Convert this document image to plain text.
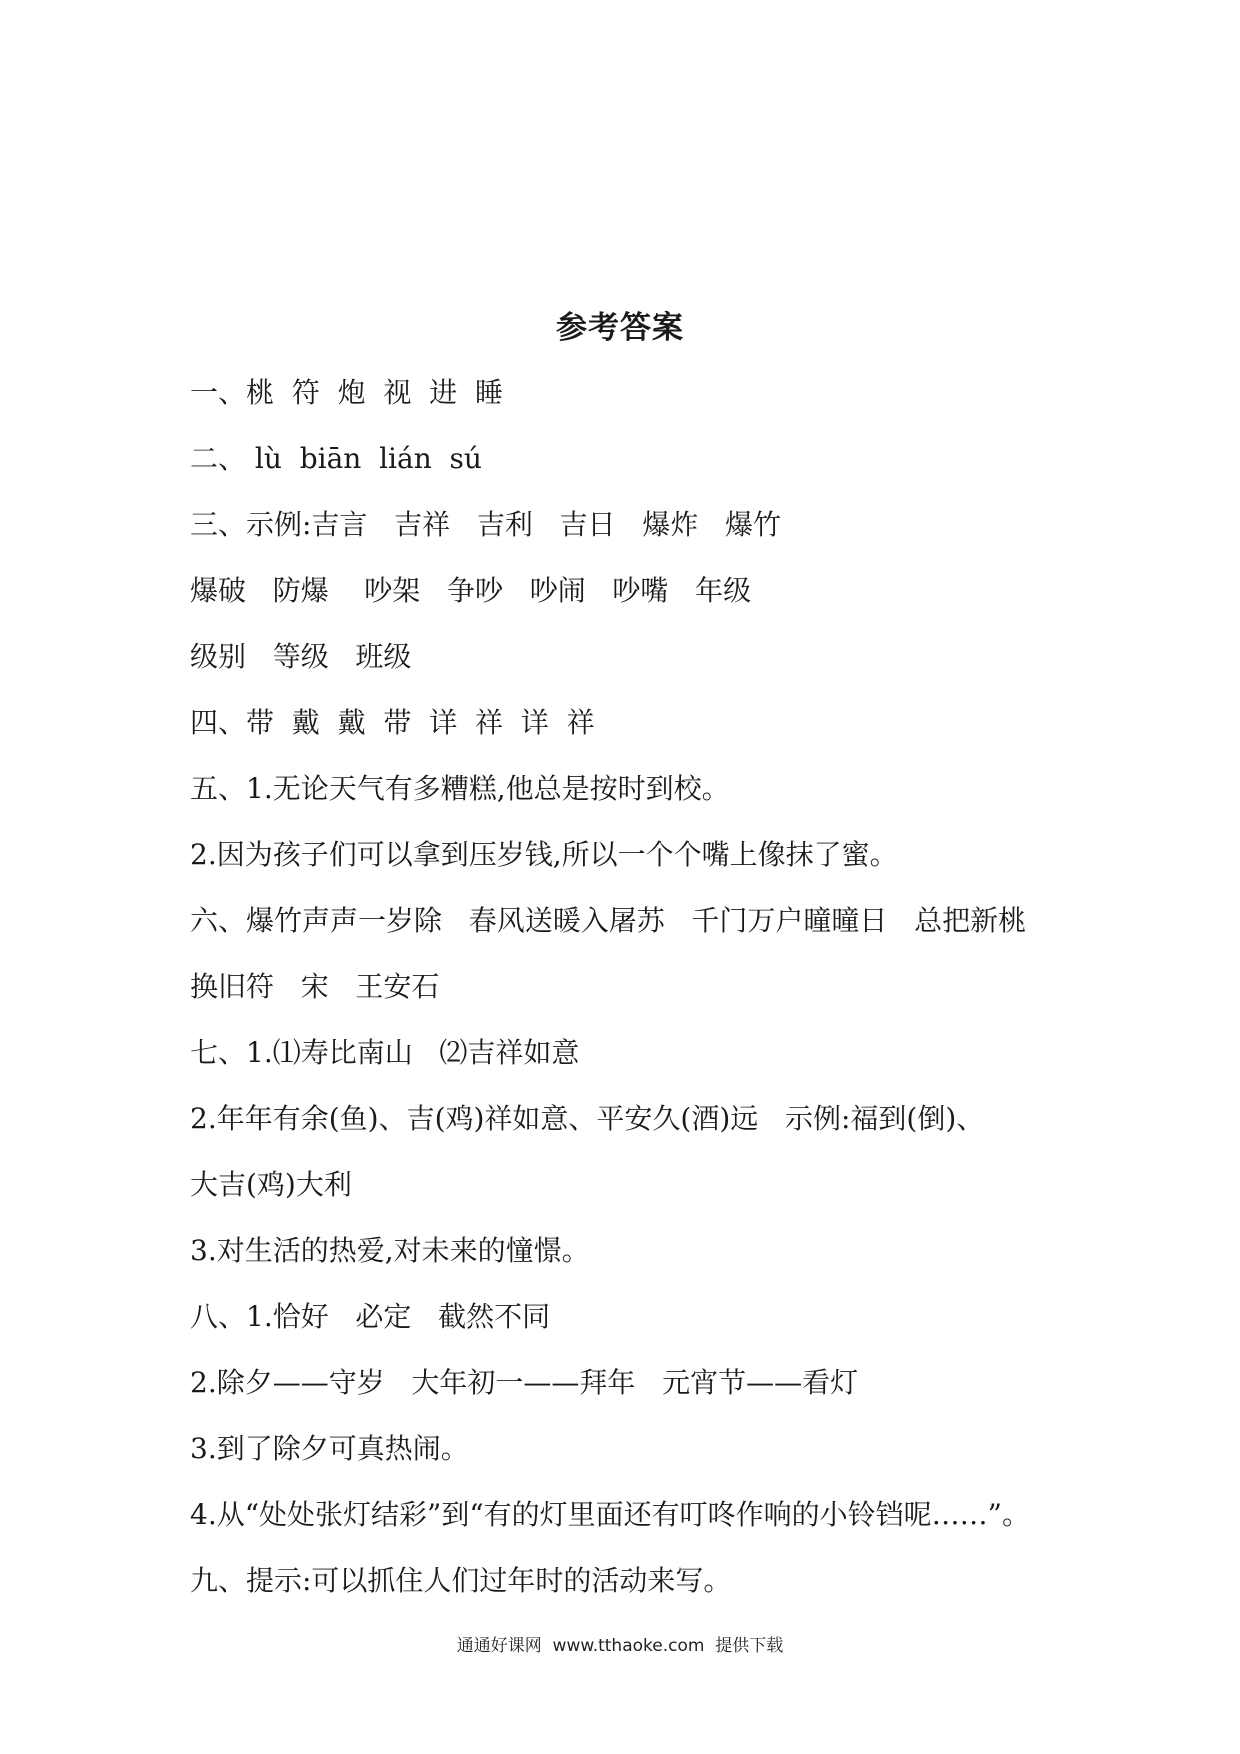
参考答案
一、桃  符  炮  视  进  睡
二、 lù  biān  lián  sú
三、示例:吉言   吉祥   吉利   吉日   爆炸   爆竹
爆破   防爆    吵架   争吵   吵闹   吵嘴   年级
级别   等级   班级
四、带  戴  戴  带  详  祥  详  祥
五、1.无论天气有多糟糕,他总是按时到校。
2.因为孩子们可以拿到压岁钱,所以一个个嘴上像抹了蜜。
六、爆竹声声一岁除   春风送暖入屠苏   千门万户曈曈日   总把新桃
换旧符   宋   王安石
七、1.⑴寿比南山   ⑵吉祥如意
2.年年有余(鱼)、吉(鸡)祥如意、平安久(酒)远   示例:福到(倒)、
大吉(鸡)大利
3.对生活的热爱,对未来的憧憬。
八、1.恰好   必定   截然不同
2.除夕——守岁   大年初一——拜年   元宵节——看灯
3.到了除夕可真热闹。
4.从“处处张灯结彩”到“有的灯里面还有叮咚作响的小铃铛呢……”。
九、提示:可以抓住人们过年时的活动来写。
通通好课网  www.tthaoke.com  提供下载
